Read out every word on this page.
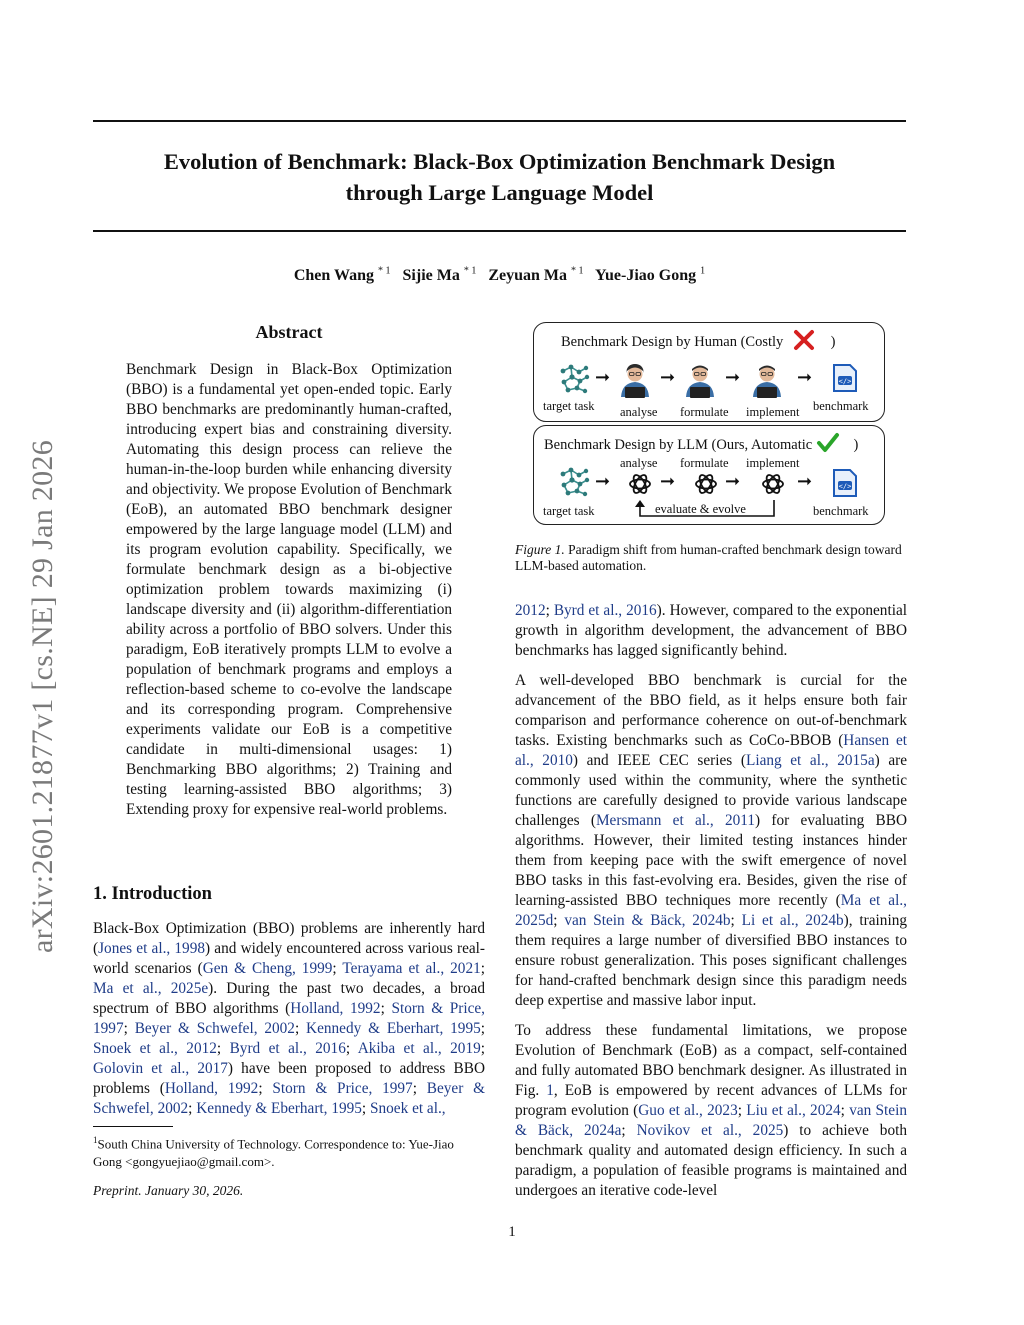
Evolution of Benchmark: Black-Box Optimization Benchmark Design
through Large Language Model
Chen Wang $^{* 1}$ Sijie Ma $^{* 1}$ Zeyuan Ma $^{* 1}$ Yue-Jiao Gong $^1$
arXiv:2601.21877v1 [cs.NE] 29 Jan 2026
Abstract
Benchmark Design in Black-Box Optimization (BBO) is a fundamental yet open-ended topic. Early BBO benchmarks are predominantly human-crafted, introducing expert bias and constraining diversity. Automating this design process can relieve the human-in-the-loop burden while enhancing diversity and objectivity. We propose Evolution of Benchmark (EoB), an automated BBO benchmark designer empowered by the large language model (LLM) and its program evolution capability. Specifically, we formulate benchmark design as a bi-objective optimization problem towards maximizing (i) landscape diversity and (ii) algorithm-differentiation ability across a portfolio of BBO solvers. Under this paradigm, EoB iteratively prompts LLM to evolve a population of benchmark programs and employs a reflection-based scheme to co-evolve the landscape and its corresponding program. Comprehensive experiments validate our EoB is a competitive candidate in multi-dimensional usages: 1) Benchmarking BBO algorithms; 2) Training and testing learning-assisted BBO algorithms; 3) Extending proxy for expensive real-world problems.
1. Introduction
Black-Box Optimization (BBO) problems are inherently hard (Jones et al., 1998) and widely encountered across various real-world scenarios (Gen & Cheng, 1999; Terayama et al., 2021; Ma et al., 2025e). During the past two decades, a broad spectrum of BBO algorithms (Holland, 1992; Storn & Price, 1997; Beyer & Schwefel, 2002; Kennedy & Eberhart, 1995; Snoek et al., 2012; Byrd et al., 2016; Akiba et al., 2019; Golovin et al., 2017) have been proposed to address BBO problems (Holland, 1992; Storn & Price, 1997; Beyer & Schwefel, 2002; Kennedy & Eberhart, 1995; Snoek et al.,
$^1$South China University of Technology. Correspondence to: Yue-Jiao Gong <gongyuejiao@gmail.com>.
Preprint. January 30, 2026.
1
Benchmark Design by Human (Costly	)
target task
➞
analyse
➞
formulate
➞
implement
➞	</>
benchmark
Benchmark Design by LLM (Ours, Automatic	)
analyse formulate implement
target task
➞	➞	➞	➞
evaluate & evolve
</>
benchmark
Figure 1. Paradigm shift from human-crafted benchmark design toward LLM-based automation.

2012; Byrd et al., 2016). However, compared to the exponential growth in algorithm development, the advancement of BBO benchmarks has lagged significantly behind.

A well-developed BBO benchmark is curcial for the advancement of the BBO field, as it helps ensure both fair comparison and performance coherence on out-of-benchmark tasks. Existing benchmarks such as CoCo-BBOB (Hansen et al., 2010) and IEEE CEC series (Liang et al., 2015a) are commonly used within the community, where the synthetic functions are carefully designed to provide various landscape challenges (Mersmann et al., 2011) for evaluating BBO algorithms. However, their limited testing instances hinder them from keeping pace with the swift emergence of novel BBO tasks in this fast-evolving era. Besides, given the rise of learning-assisted BBO techniques more recently (Ma et al., 2025d; van Stein & Bäck, 2024b; Li et al., 2024b), training them requires a large number of diversified BBO instances to ensure robust generalization. This poses significant challenges for hand-crafted benchmark design since this paradigm needs deep expertise and massive labor input.

To address these fundamental limitations, we propose Evolution of Benchmark (EoB) as a compact, self-contained and fully automated BBO benchmark designer. As illustrated in Fig. 1, EoB is empowered by recent advances of LLMs for program evolution (Guo et al., 2023; Liu et al., 2024; van Stein & Bäck, 2024a; Novikov et al., 2025) to achieve both benchmark quality and automated design efficiency. In such a paradigm, a population of feasible programs is maintained and undergoes an iterative code-level
